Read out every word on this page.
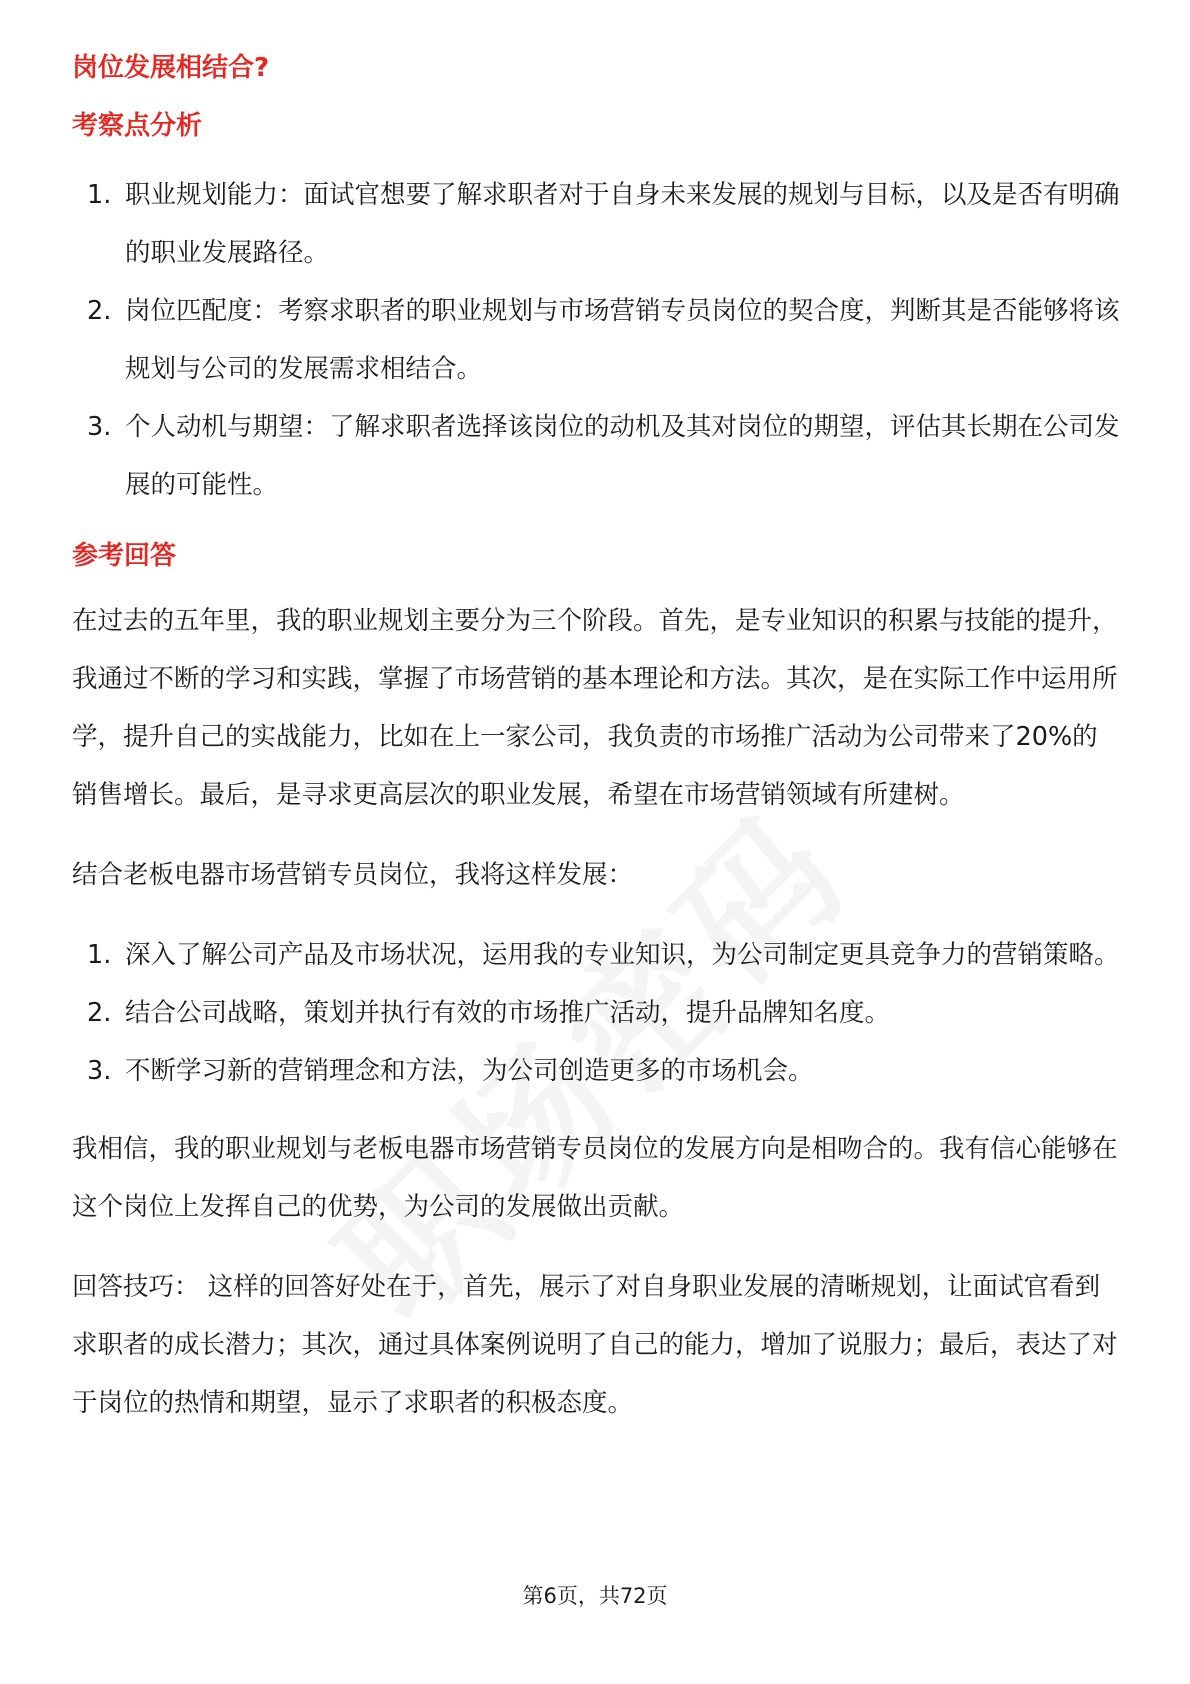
岗位发展相结合?
考察点分析
1. 职业规划能力：面试官想要了解求职者对于自身未来发展的规划与目标，以及是否有明确的职业发展路径。
2. 岗位匹配度：考察求职者的职业规划与市场营销专员岗位的契合度，判断其是否能够将该规划与公司的发展需求相结合。
3. 个人动机与期望：了解求职者选择该岗位的动机及其对岗位的期望，评估其长期在公司发展的可能性。
参考回答

在过去的五年里，我的职业规划主要分为三个阶段。首先，是专业知识的积累与技能的提升，我通过不断的学习和实践，掌握了市场营销的基本理论和方法。其次，是在实际工作中运用所学，提升自己的实战能力，比如在上一家公司，我负责的市场推广活动为公司带来了20%的销售增长。最后，是寻求更高层次的职业发展，希望在市场营销领域有所建树。

结合老板电器市场营销专员岗位，我将这样发展：

1. 深入了解公司产品及市场状况，运用我的专业知识，为公司制定更具竞争力的营销策略。
2. 结合公司战略，策划并执行有效的市场推广活动，提升品牌知名度。
3. 不断学习新的营销理念和方法，为公司创造更多的市场机会。

我相信，我的职业规划与老板电器市场营销专员岗位的发展方向是相吻合的。我有信心能够在这个岗位上发挥自己的优势，为公司的发展做出贡献。

回答技巧： 这样的回答好处在于，首先，展示了对自身职业发展的清晰规划，让面试官看到求职者的成长潜力；其次，通过具体案例说明了自己的能力，增加了说服力；最后，表达了对于岗位的热情和期望，显示了求职者的积极态度。

第6页，共72页
